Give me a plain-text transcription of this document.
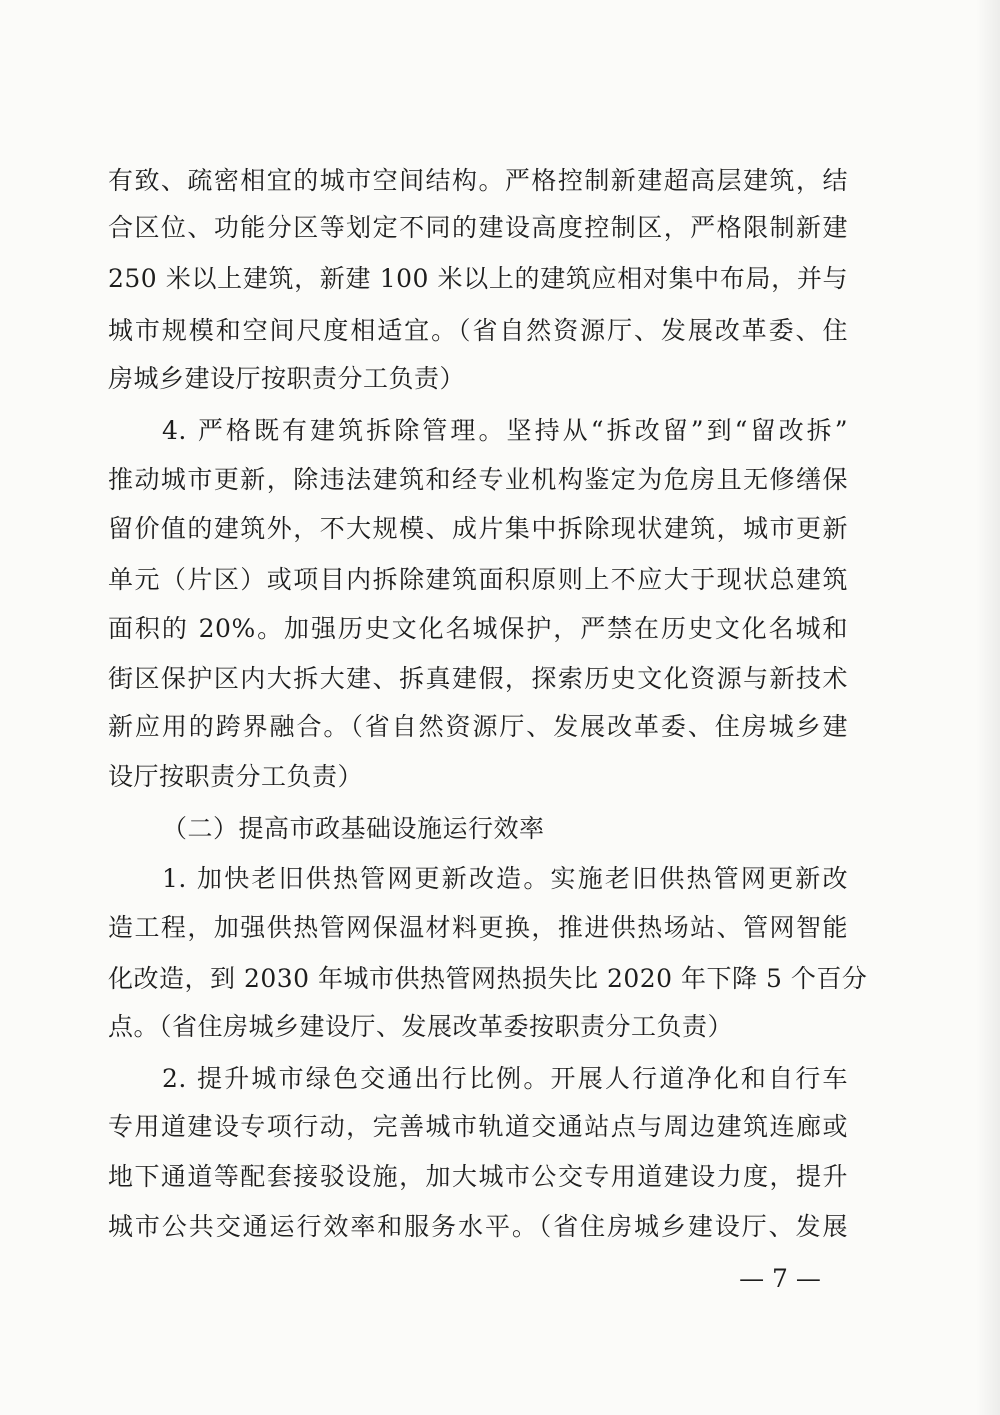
有致、疏密相宜的城市空间结构。严格控制新建超高层建筑，结
合区位、功能分区等划定不同的建设高度控制区，严格限制新建
250 米以上建筑，新建 100 米以上的建筑应相对集中布局，并与
城市规模和空间尺度相适宜。（省自然资源厅、发展改革委、住
房城乡建设厅按职责分工负责）
4. 严格既有建筑拆除管理。坚持从“拆改留”到“留改拆”
推动城市更新，除违法建筑和经专业机构鉴定为危房且无修缮保
留价值的建筑外，不大规模、成片集中拆除现状建筑，城市更新
单元（片区）或项目内拆除建筑面积原则上不应大于现状总建筑
面积的 20%。加强历史文化名城保护，严禁在历史文化名城和
街区保护区内大拆大建、拆真建假，探索历史文化资源与新技术
新应用的跨界融合。（省自然资源厅、发展改革委、住房城乡建
设厅按职责分工负责）
（二）提高市政基础设施运行效率
1. 加快老旧供热管网更新改造。实施老旧供热管网更新改
造工程，加强供热管网保温材料更换，推进供热场站、管网智能
化改造，到 2030 年城市供热管网热损失比 2020 年下降 5 个百分
点。（省住房城乡建设厅、发展改革委按职责分工负责）
2. 提升城市绿色交通出行比例。开展人行道净化和自行车
专用道建设专项行动，完善城市轨道交通站点与周边建筑连廊或
地下通道等配套接驳设施，加大城市公交专用道建设力度，提升
城市公共交通运行效率和服务水平。（省住房城乡建设厅、发展
— 7 —
